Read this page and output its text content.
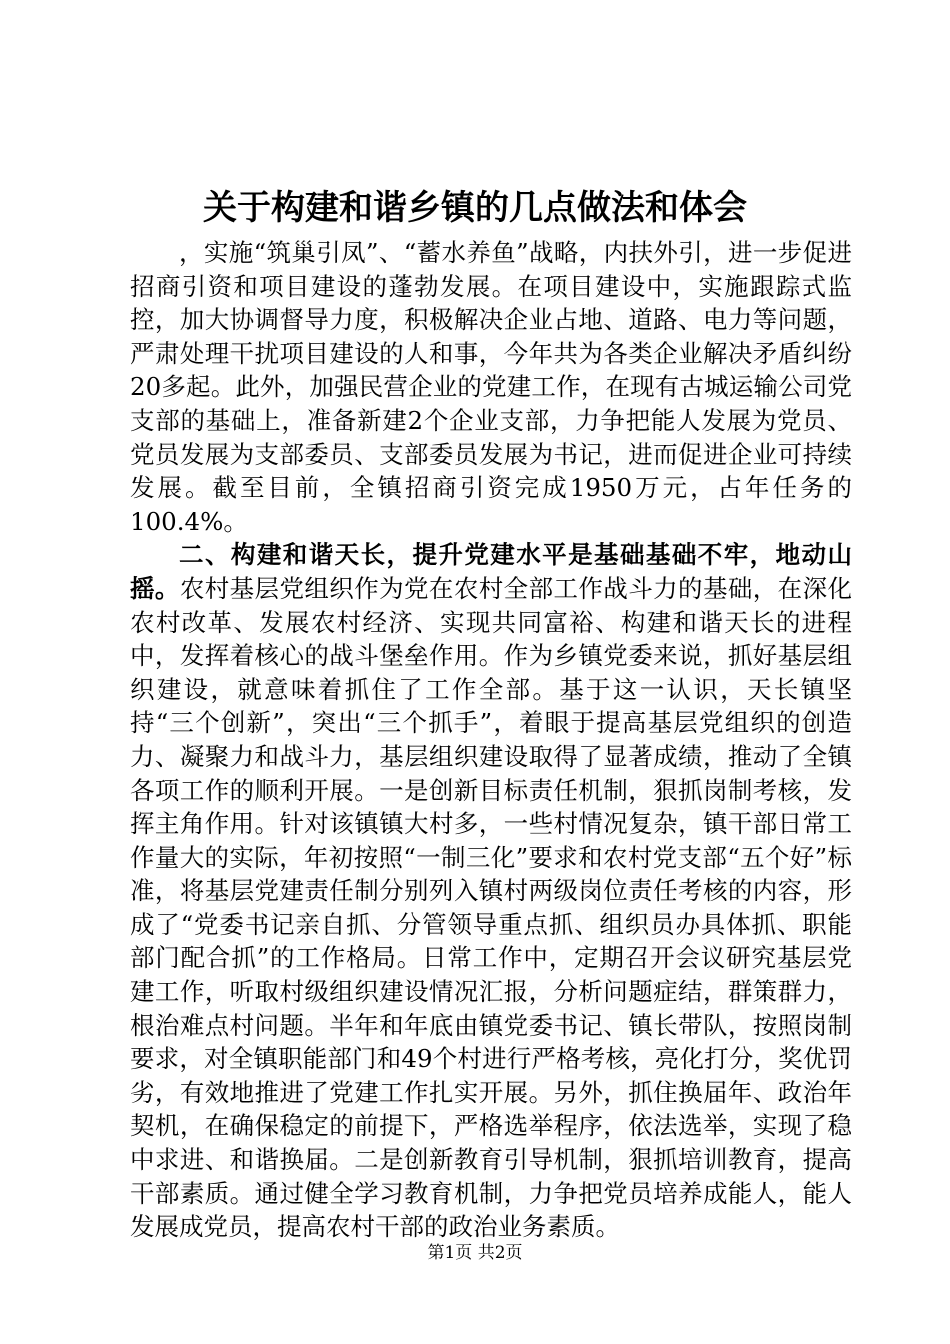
关于构建和谐乡镇的几点做法和体会

，实施“筑巢引凤”、“蓄水养鱼”战略，内扶外引，进一步促进招商引资和项目建设的蓬勃发展。在项目建设中，实施跟踪式监控，加大协调督导力度，积极解决企业占地、道路、电力等问题，严肃处理干扰项目建设的人和事，今年共为各类企业解决矛盾纠纷20多起。此外，加强民营企业的党建工作，在现有古城运输公司党支部的基础上，准备新建2个企业支部，力争把能人发展为党员、党员发展为支部委员、支部委员发展为书记，进而促进企业可持续发展。截至目前，全镇招商引资完成1950万元，占年任务的100.4%。

二、构建和谐天长，提升党建水平是基础基础不牢，地动山摇。农村基层党组织作为党在农村全部工作战斗力的基础，在深化农村改革、发展农村经济、实现共同富裕、构建和谐天长的进程中，发挥着核心的战斗堡垒作用。作为乡镇党委来说，抓好基层组织建设，就意味着抓住了工作全部。基于这一认识，天长镇坚持“三个创新”，突出“三个抓手”，着眼于提高基层党组织的创造力、凝聚力和战斗力，基层组织建设取得了显著成绩，推动了全镇各项工作的顺利开展。一是创新目标责任机制，狠抓岗制考核，发挥主角作用。针对该镇镇大村多，一些村情况复杂，镇干部日常工作量大的实际，年初按照“一制三化”要求和农村党支部“五个好”标准，将基层党建责任制分别列入镇村两级岗位责任考核的内容，形成了“党委书记亲自抓、分管领导重点抓、组织员办具体抓、职能部门配合抓”的工作格局。日常工作中，定期召开会议研究基层党建工作，听取村级组织建设情况汇报，分析问题症结，群策群力，根治难点村问题。半年和年底由镇党委书记、镇长带队，按照岗制要求，对全镇职能部门和49个村进行严格考核，亮化打分，奖优罚劣，有效地推进了党建工作扎实开展。另外，抓住换届年、政治年契机，在确保稳定的前提下，严格选举程序，依法选举，实现了稳中求进、和谐换届。二是创新教育引导机制，狠抓培训教育，提高干部素质。通过健全学习教育机制，力争把党员培养成能人，能人发展成党员，提高农村干部的政治业务素质。

第1页 共2页
